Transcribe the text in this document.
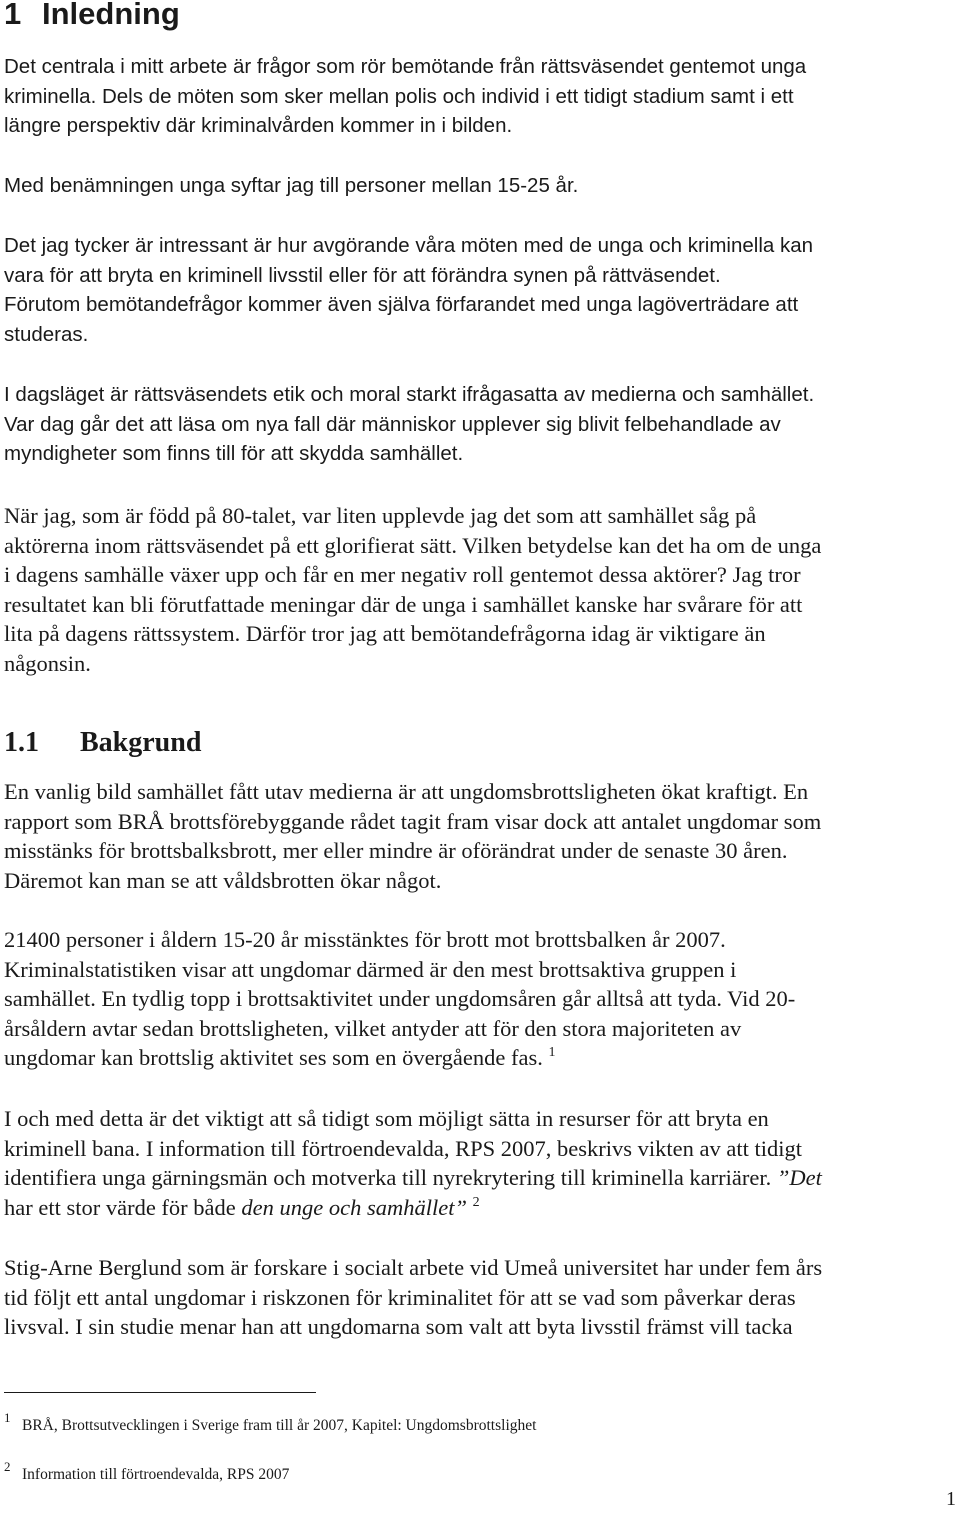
1 Inledning

Det centrala i mitt arbete är frågor som rör bemötande från rättsväsendet gentemot unga
kriminella. Dels de möten som sker mellan polis och individ i ett tidigt stadium samt i ett
längre perspektiv där kriminalvården kommer in i bilden.

Med benämningen unga syftar jag till personer mellan 15-25 år.

Det jag tycker är intressant är hur avgörande våra möten med de unga och kriminella kan
vara för att bryta en kriminell livsstil eller för att förändra synen på rättväsendet.
Förutom bemötandefrågor kommer även själva förfarandet med unga lagöverträdare att
studeras.

I dagsläget är rättsväsendets etik och moral starkt ifrågasatta av medierna och samhället.
Var dag går det att läsa om nya fall där människor upplever sig blivit felbehandlade av
myndigheter som finns till för att skydda samhället.

När jag, som är född på 80-talet, var liten upplevde jag det som att samhället såg på
aktörerna inom rättsväsendet på ett glorifierat sätt. Vilken betydelse kan det ha om de unga
i dagens samhälle växer upp och får en mer negativ roll gentemot dessa aktörer? Jag tror
resultatet kan bli förutfattade meningar där de unga i samhället kanske har svårare för att
lita på dagens rättssystem. Därför tror jag att bemötandefrågorna idag är viktigare än
någonsin.

1.1 Bakgrund

En vanlig bild samhället fått utav medierna är att ungdomsbrottsligheten ökat kraftigt. En
rapport som BRÅ brottsförebyggande rådet tagit fram visar dock att antalet ungdomar som
misstänks för brottsbalksbrott, mer eller mindre är oförändrat under de senaste 30 åren.
Däremot kan man se att våldsbrotten ökar något.

21400 personer i åldern 15-20 år misstänktes för brott mot brottsbalken år 2007.
Kriminalstatistiken visar att ungdomar därmed är den mest brottsaktiva gruppen i
samhället. En tydlig topp i brottsaktivitet under ungdomsåren går alltså att tyda. Vid 20-
årsåldern avtar sedan brottsligheten, vilket antyder att för den stora majoriteten av
ungdomar kan brottslig aktivitet ses som en övergående fas. $^1$

I och med detta är det viktigt att så tidigt som möjligt sätta in resurser för att bryta en
kriminell bana. I information till förtroendevalda, RPS 2007, beskrivs vikten av att tidigt
identifiera unga gärningsmän och motverka till nyrekrytering till kriminella karriärer. ”Det
har ett stor värde för både den unge och samhället” $^2$

Stig-Arne Berglund som är forskare i socialt arbete vid Umeå universitet har under fem års
tid följt ett antal ungdomar i riskzonen för kriminalitet för att se vad som påverkar deras
livsval. I sin studie menar han att ungdomarna som valt att byta livsstil främst vill tacka

1 BRÅ, Brottsutvecklingen i Sverige fram till år 2007, Kapitel: Ungdomsbrottslighet
2 Information till förtroendevalda, RPS 2007
1
